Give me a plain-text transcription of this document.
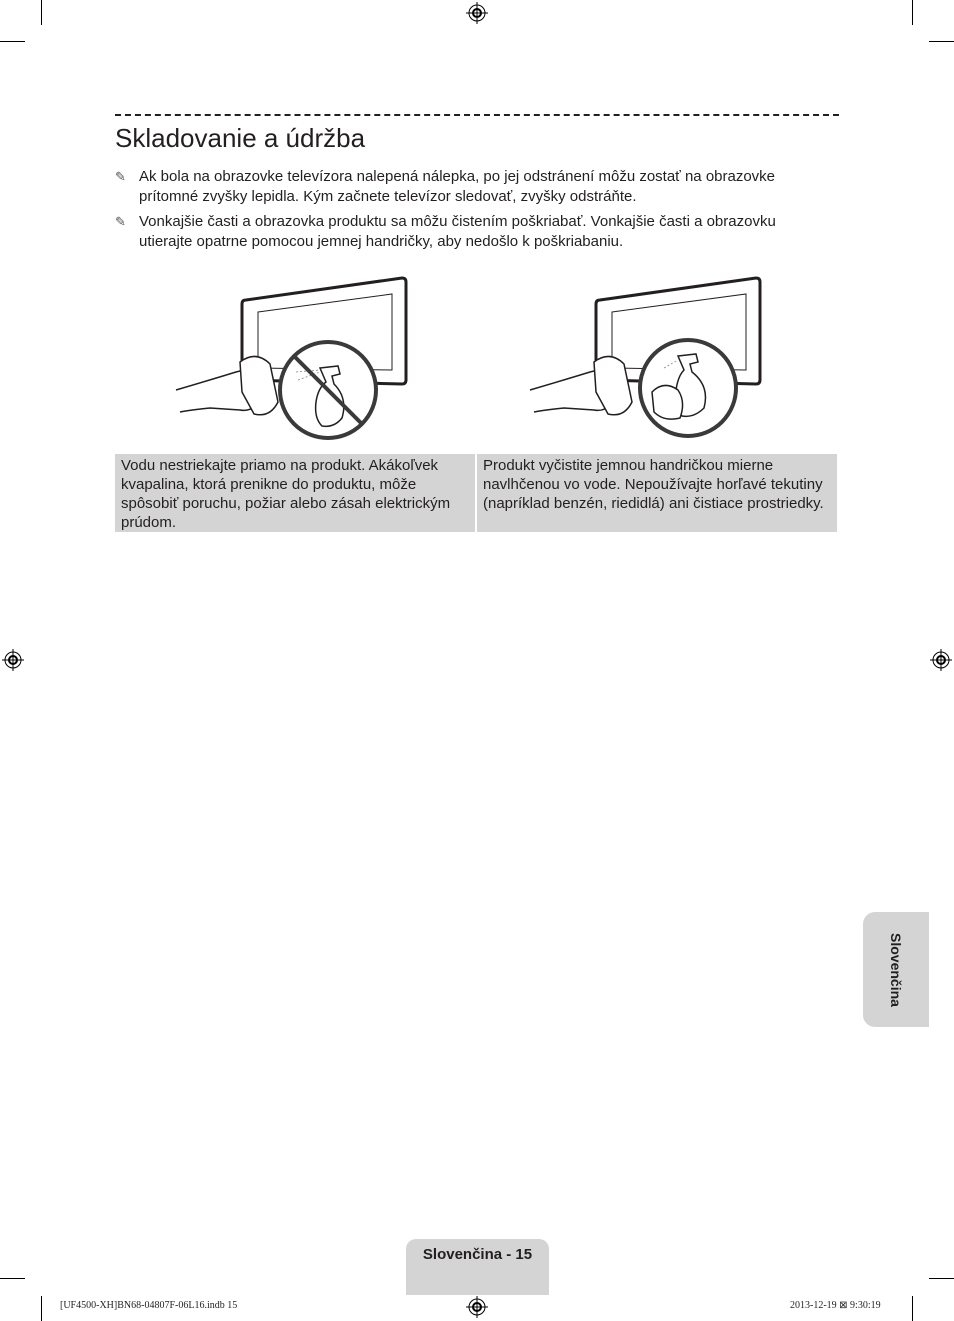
Skladovanie a údržba
✎ Ak bola na obrazovke televízora nalepená nálepka, po jej odstránení môžu zostať na obrazovke prítomné zvyšky lepidla. Kým začnete televízor sledovať, zvyšky odstráňte.
✎ Vonkajšie časti a obrazovka produktu sa môžu čistením poškriabať. Vonkajšie časti a obrazovku utierajte opatrne pomocou jemnej handričky, aby nedošlo k poškriabaniu.
Vodu nestriekajte priamo na produkt. Akákoľvek kvapalina, ktorá prenikne do produktu, môže spôsobiť poruchu, požiar alebo zásah elektrickým prúdom.
Produkt vyčistite jemnou handričkou mierne navlhčenou vo vode. Nepoužívajte horľavé tekutiny (napríklad benzén, riedidlá) ani čistiace prostriedky.
Slovenčina
Slovenčina - 15
[UF4500-XH]BN68-04807F-06L16.indb 15	2013-12-19 ⊠ 9:30:19
